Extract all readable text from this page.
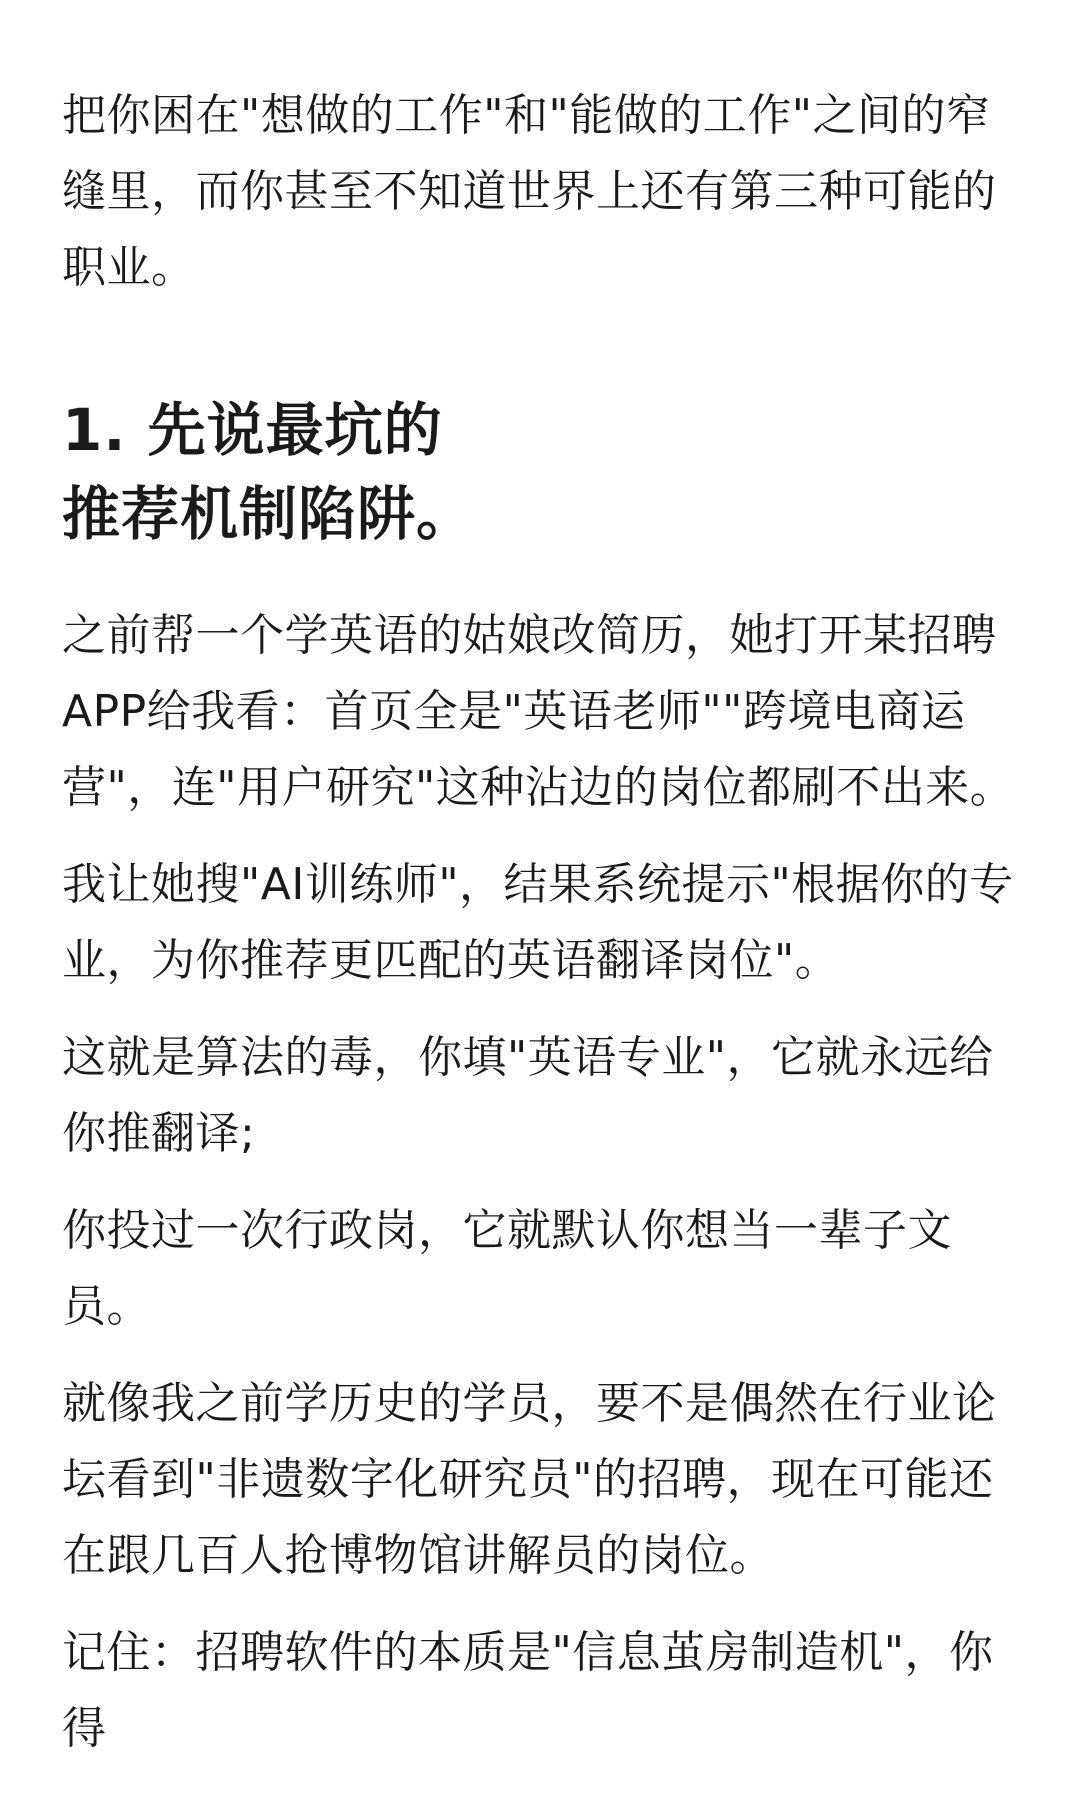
把你困在"想做的工作"和"能做的工作"之间的窄缝里，而你甚至不知道世界上还有第三种可能的职业。

1. 先说最坑的
推荐机制陷阱。

之前帮一个学英语的姑娘改简历，她打开某招聘APP给我看：首页全是"英语老师""跨境电商运营"，连"用户研究"这种沾边的岗位都刷不出来。

我让她搜"AI训练师"，结果系统提示"根据你的专业，为你推荐更匹配的英语翻译岗位"。

这就是算法的毒，你填"英语专业"，它就永远给你推翻译;

你投过一次行政岗，它就默认你想当一辈子文员。

就像我之前学历史的学员，要不是偶然在行业论坛看到"非遗数字化研究员"的招聘，现在可能还在跟几百人抢博物馆讲解员的岗位。

记住：招聘软件的本质是"信息茧房制造机"，你得
